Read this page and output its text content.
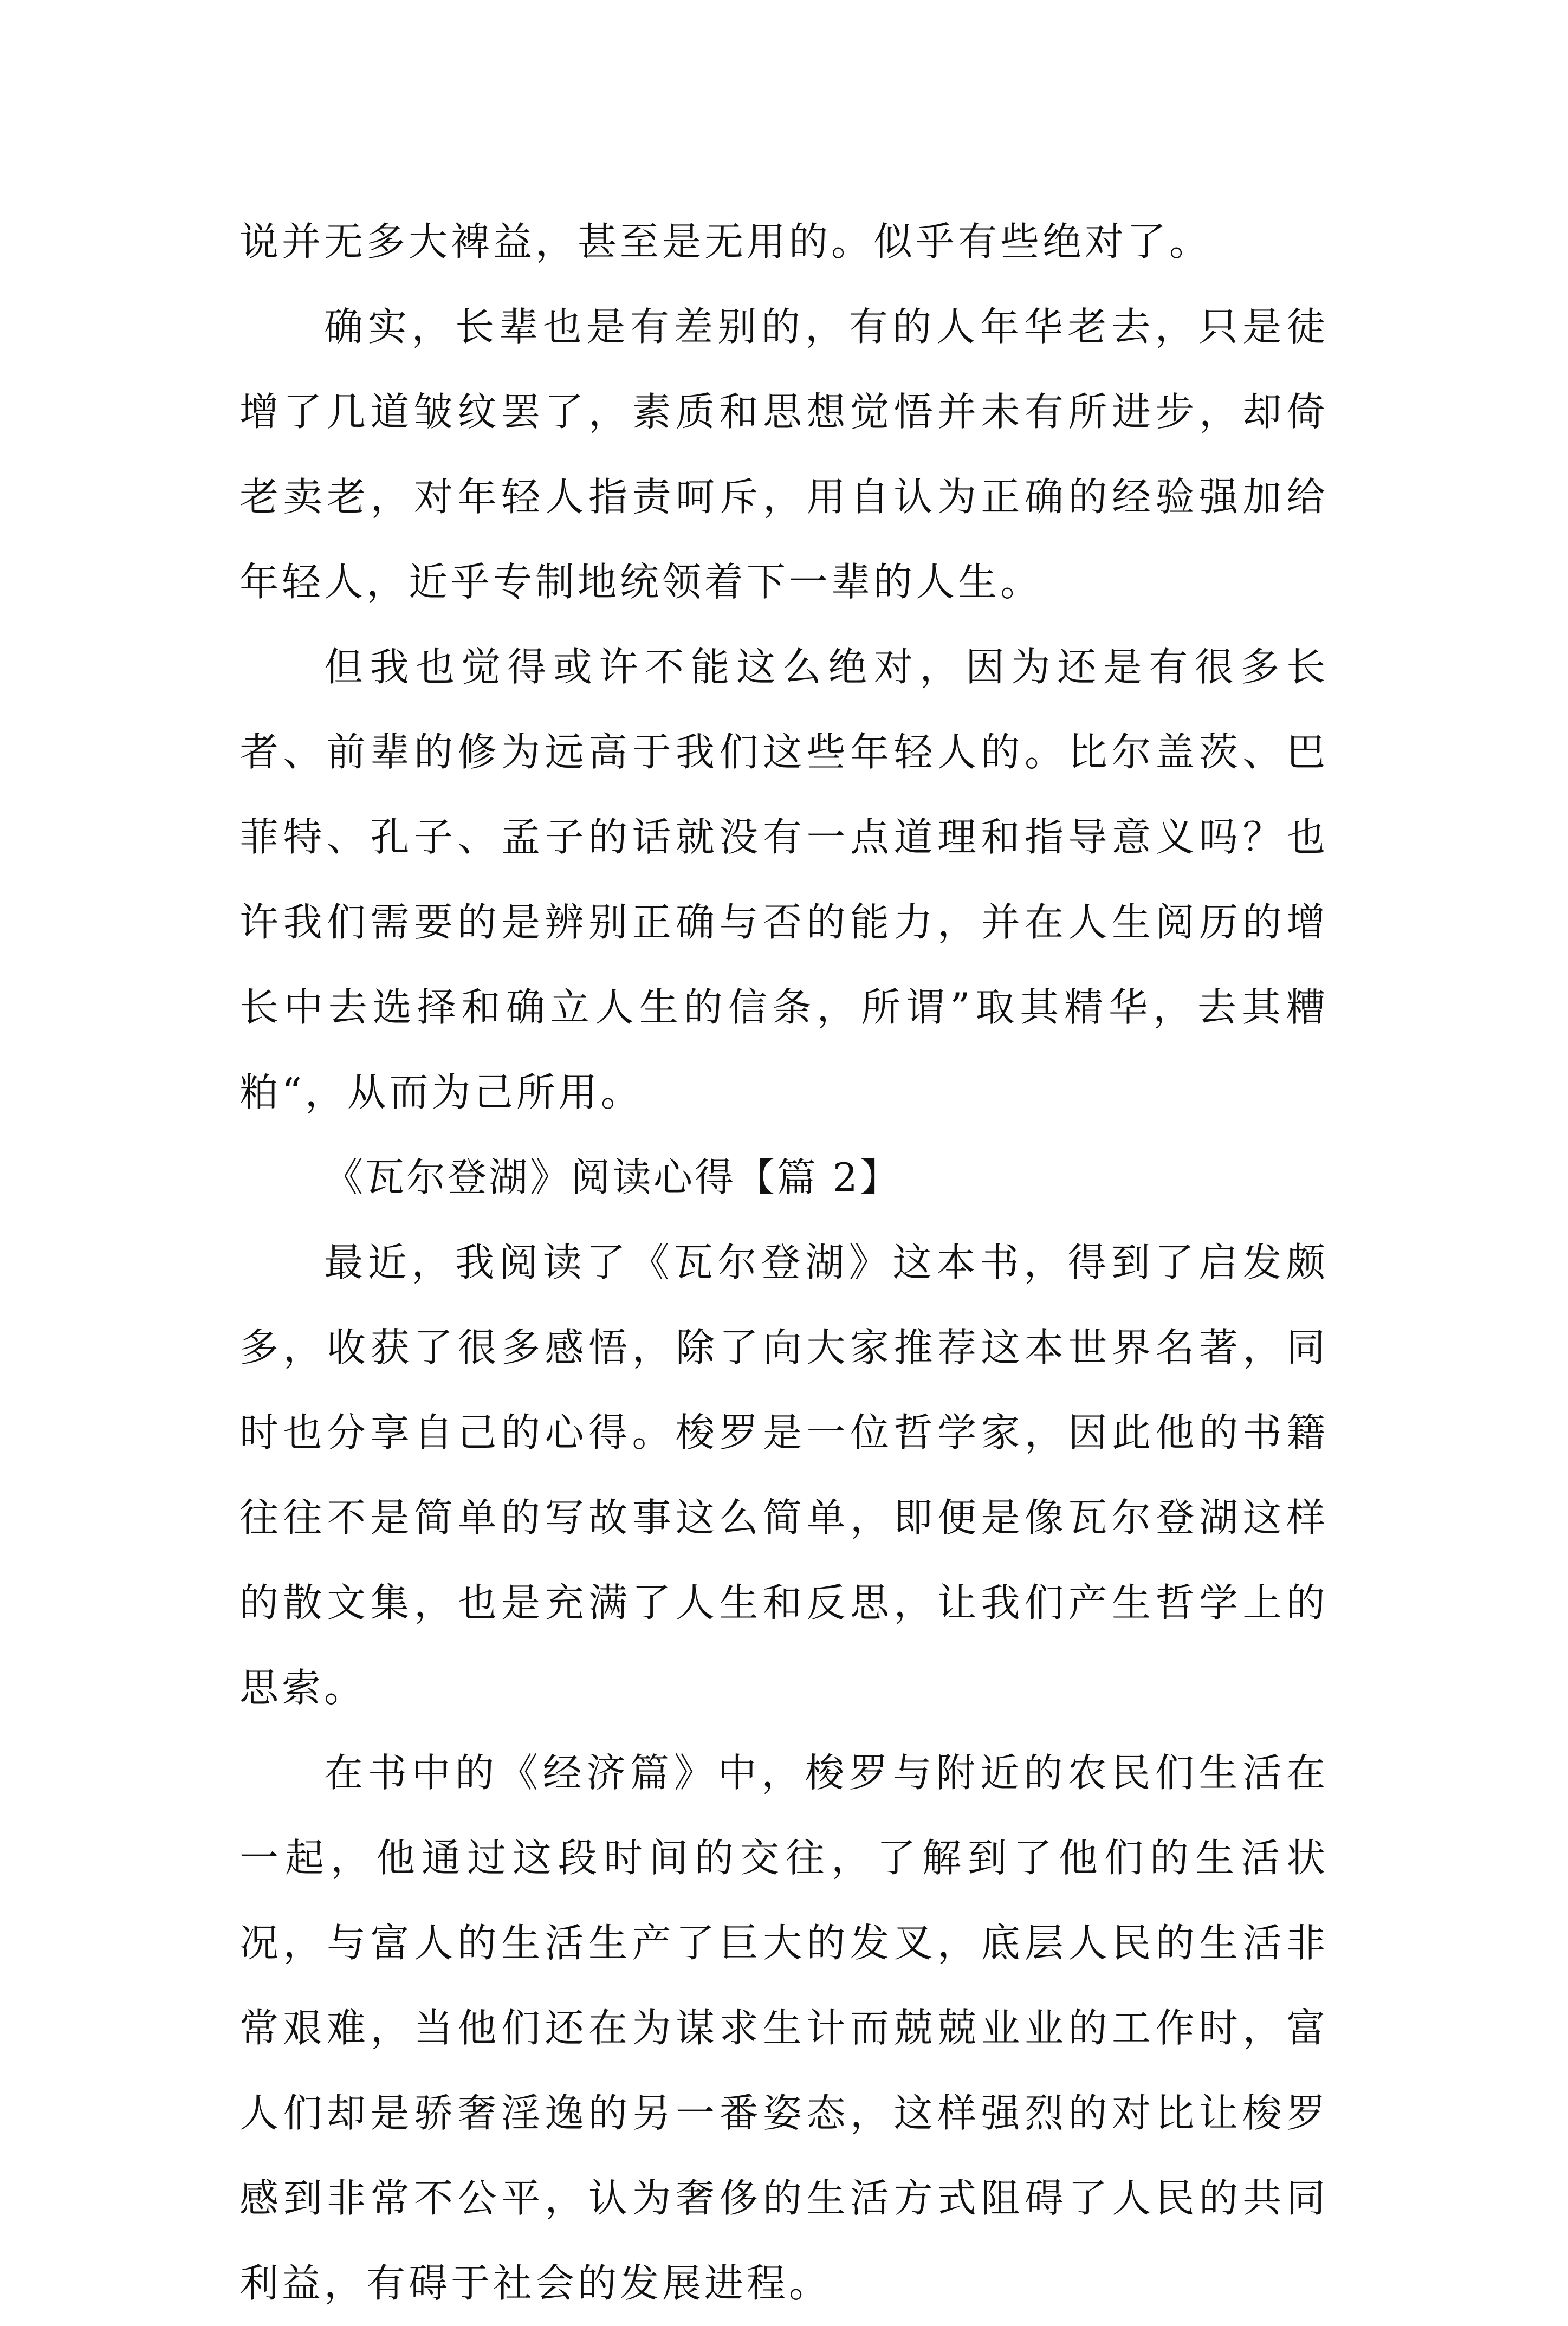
说并无多大裨益，甚至是无用的。似乎有些绝对了。

确实，长辈也是有差别的，有的人年华老去，只是徒增了几道皱纹罢了，素质和思想觉悟并未有所进步，却倚老卖老，对年轻人指责呵斥，用自认为正确的经验强加给年轻人，近乎专制地统领着下一辈的人生。

但我也觉得或许不能这么绝对，因为还是有很多长者、前辈的修为远高于我们这些年轻人的。比尔盖茨、巴菲特、孔子、孟子的话就没有一点道理和指导意义吗？也许我们需要的是辨别正确与否的能力，并在人生阅历的增长中去选择和确立人生的信条，所谓”取其精华，去其糟粕“，从而为己所用。

《瓦尔登湖》阅读心得【篇 2】

最近，我阅读了《瓦尔登湖》这本书，得到了启发颇多，收获了很多感悟，除了向大家推荐这本世界名著，同时也分享自己的心得。梭罗是一位哲学家，因此他的书籍往往不是简单的写故事这么简单，即便是像瓦尔登湖这样的散文集，也是充满了人生和反思，让我们产生哲学上的思索。

在书中的《经济篇》中，梭罗与附近的农民们生活在一起，他通过这段时间的交往，了解到了他们的生活状况，与富人的生活生产了巨大的发叉，底层人民的生活非常艰难，当他们还在为谋求生计而兢兢业业的工作时，富人们却是骄奢淫逸的另一番姿态，这样强烈的对比让梭罗感到非常不公平，认为奢侈的生活方式阻碍了人民的共同利益，有碍于社会的发展进程。
